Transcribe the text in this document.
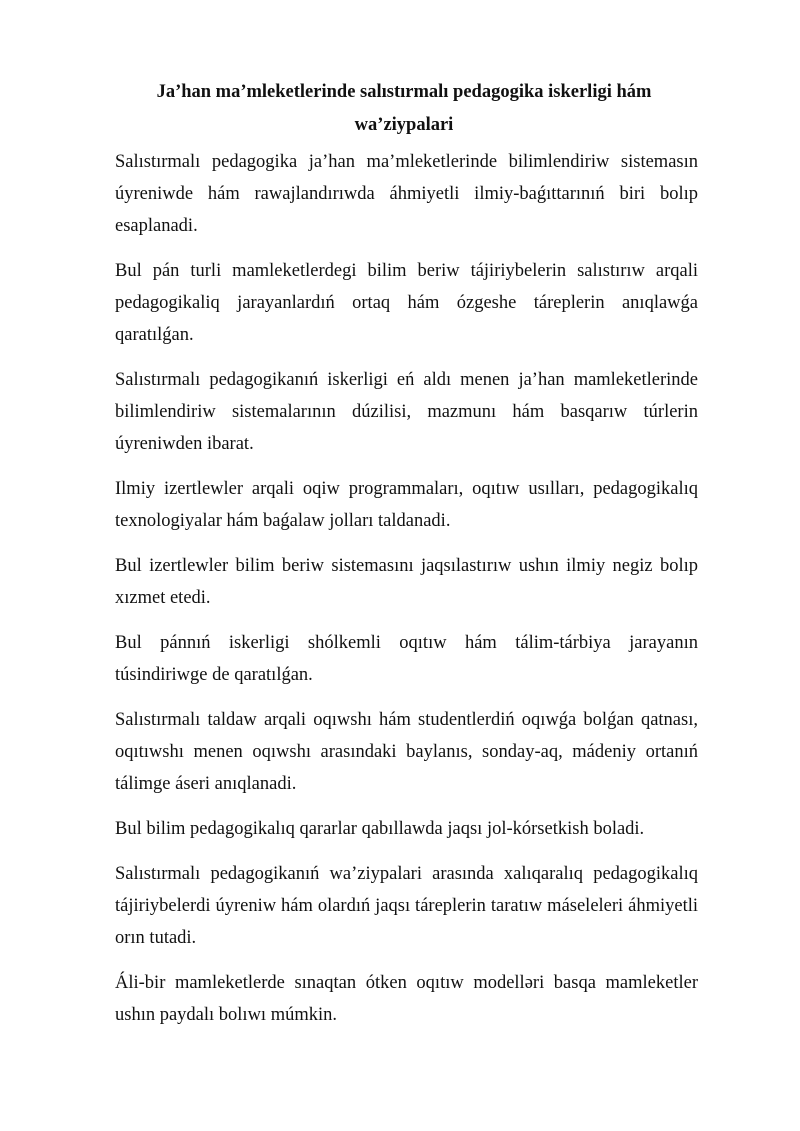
Ja’han ma’mleketlerinde salıstırmalı pedagogika iskerligi hám wa’ziypalari

Salıstırmalı pedagogika ja’han ma’mleketlerinde bilimlendiriw sistemasın úyreniwde hám rawajlandırıwda áhmiyetli ilmiy-baǵıttarınıń biri bolıp esaplanadi.

Bul pán turli mamleketlerdegi bilim beriw tájiriybelerin salıstırıw arqali pedagogikaliq jarayanlardıń ortaq hám ózgeshe táreplerin anıqlawǵa qaratılǵan.

Salıstırmalı pedagogikanıń iskerligi eń aldı menen ja’han mamleketlerinde bilimlendiriw sistemalarının dúzilisi, mazmunı hám basqarıw túrlerin úyreniwden ibarat.

Ilmiy izertlewler arqali oqiw programmaları, oqıtıw usılları, pedagogikalıq texnologiyalar hám baǵalaw jolları taldanadi.

Bul izertlewler bilim beriw sistemasını jaqsılastırıw ushın ilmiy negiz bolıp xızmet etedi.

Bul pánnıń iskerligi shólkemli oqıtıw hám tálim-tárbiya jarayanın túsindiriwge de qaratılǵan.

Salıstırmalı taldaw arqali oqıwshı hám studentlerdiń oqıwǵa bolǵan qatnası, oqıtıwshı menen oqıwshı arasındaki baylanıs, sonday-aq, mádeniy ortanıń tálimge áseri anıqlanadi.

Bul bilim pedagogikalıq qararlar qabıllawda jaqsı jol-kórsetkish boladi.

Salıstırmalı pedagogikanıń wa’ziypalari arasında xalıqaralıq pedagogikalıq tájiriybelerdi úyreniw hám olardıń jaqsı táreplerin taratıw máseleleri áhmiyetli orın tutadi.

Áli-bir mamleketlerde sınaqtan ótken oqıtıw modellәri basqa mamleketler ushın paydalı bolıwı múmkin.
